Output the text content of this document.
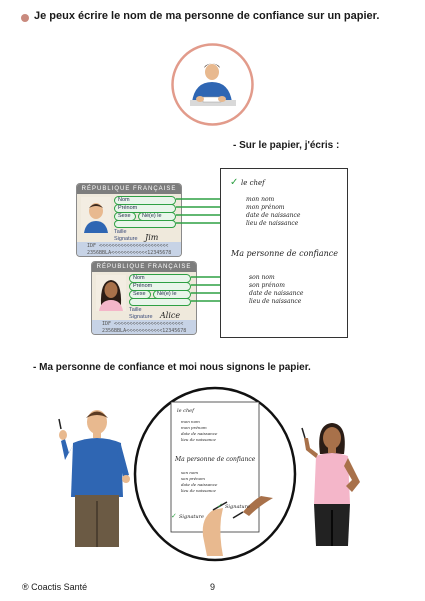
Je peux écrire le nom de ma personne de confiance sur un papier.
- Sur le papier, j'écris :
RÉPUBLIQUE FRANÇAISE
Nom
Prénom
Sexe	Né(e) le
Taille
Signature Jim
IDF <<<<<<<<<<<<<<<<<<<<<<<
2356BBLA<<<<<<<<<<<<12345678
RÉPUBLIQUE FRANÇAISE
Nom
Prénom
Sexe	Né(e) le
Taille
Signature Alice
IDF <<<<<<<<<<<<<<<<<<<<<<<
2356BBLA<<<<<<<<<<<<12345678
✓ le chef
mon nom
mon prénom
date de naissance
lieu de naissance
Ma personne de confiance
son nom
son prénom
date de naissance
lieu de naissance
- Ma personne de confiance et moi nous signons le papier.
le chef
mon nom
mon prénom
date de naissance
lieu de naissance
Ma personne de confiance
son nom
son prénom
date de naissance
lieu de naissance
✓ Signature
✓ Signature
® Coactis Santé	9
